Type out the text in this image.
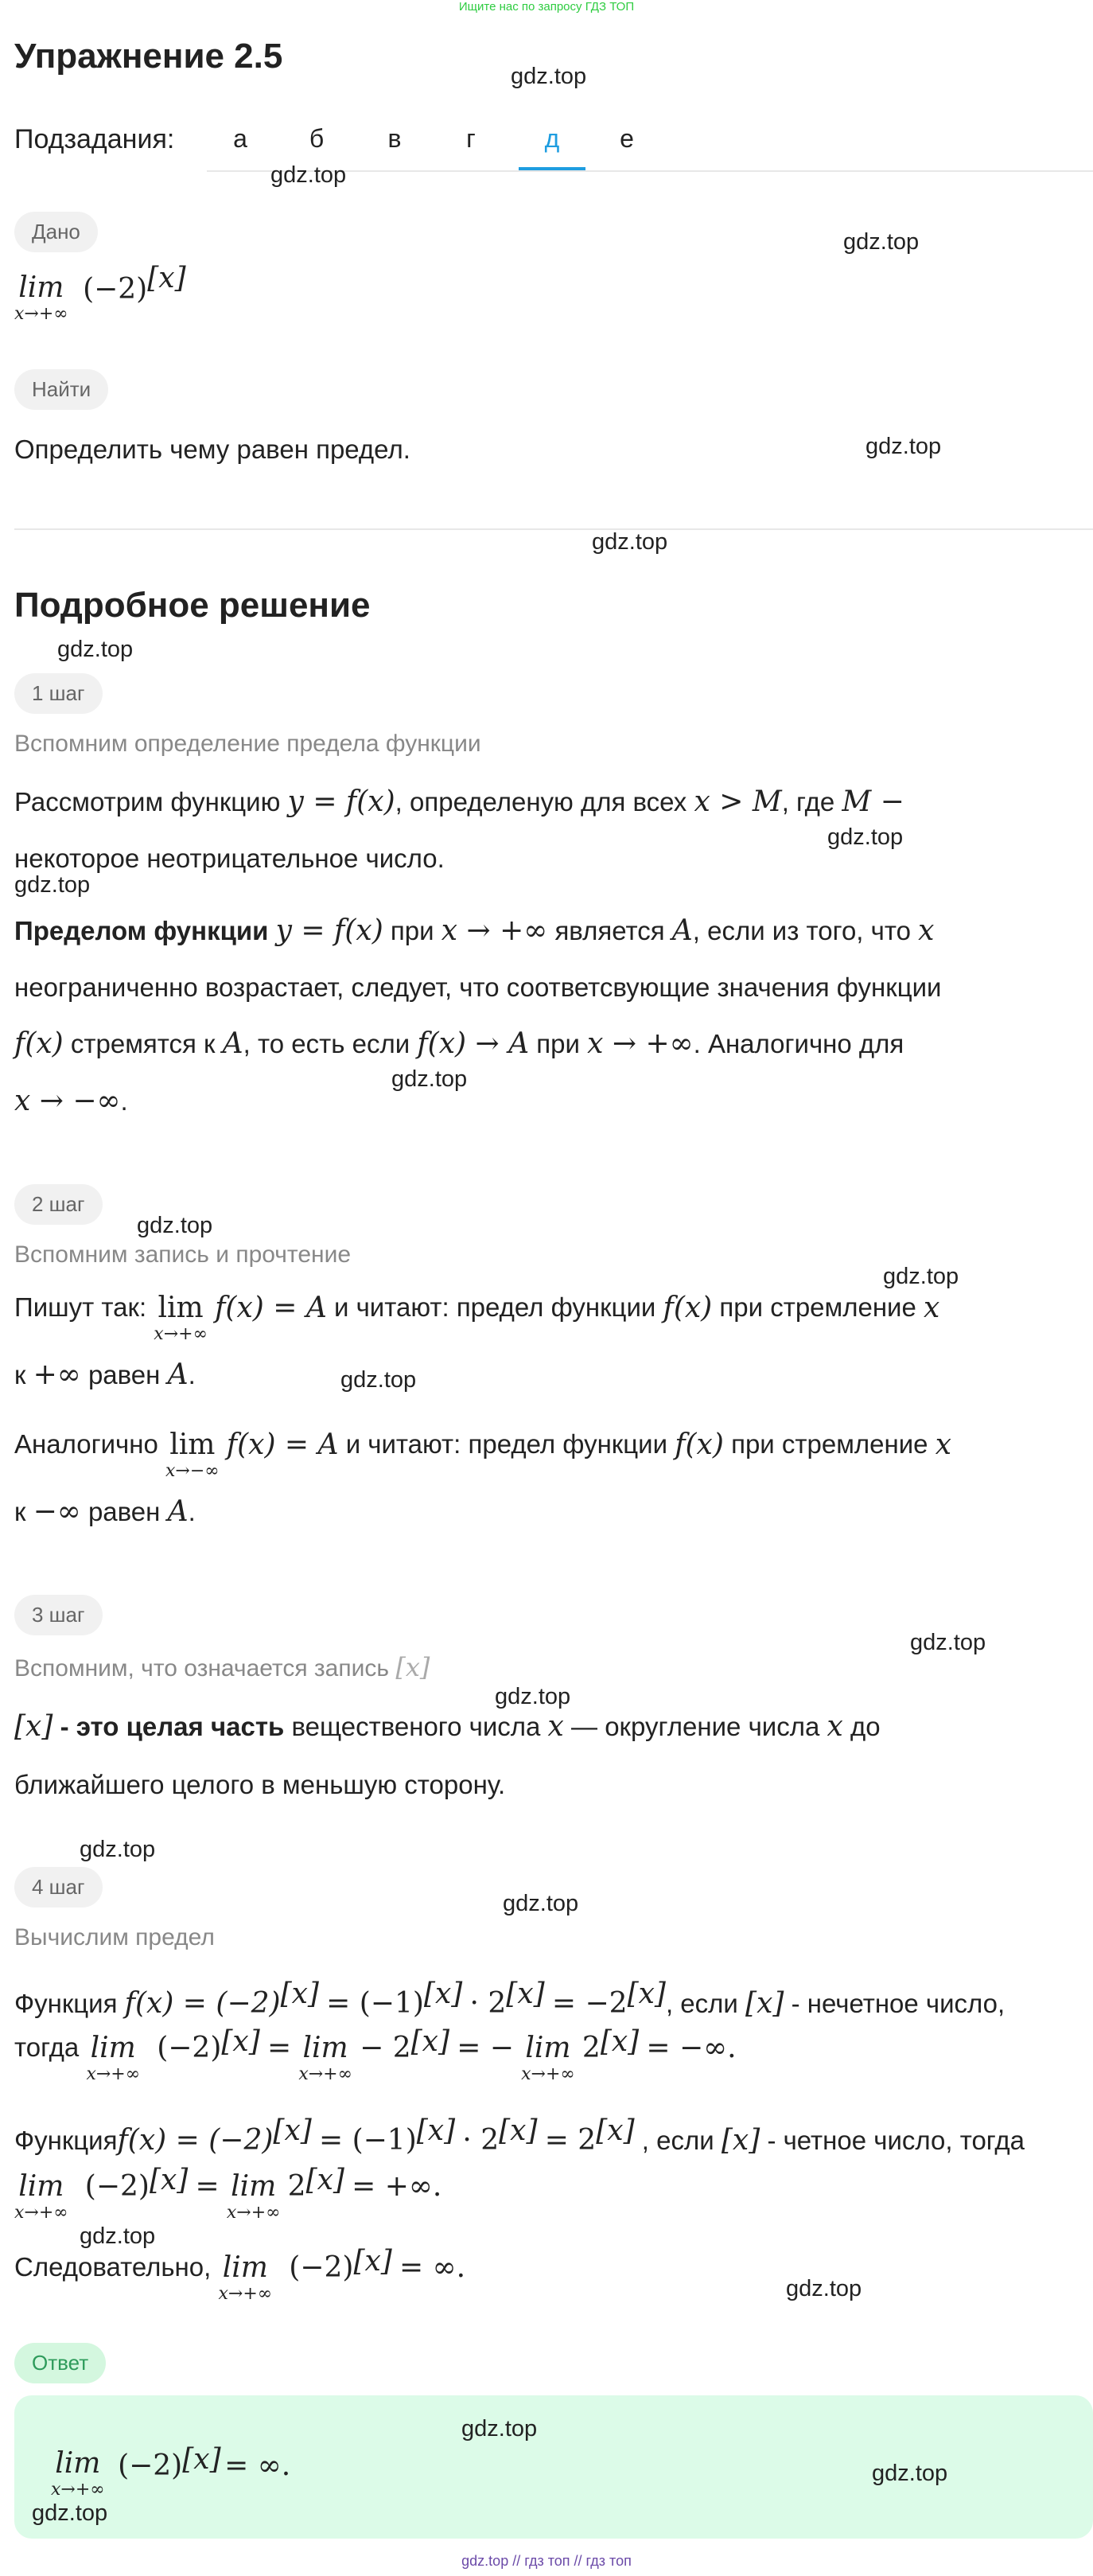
Ищите нас по запросу ГДЗ ТОП
Упражнение 2.5
gdz.top
Подзадания:	а	б	в	г	д	е
gdz.top
Дано	gdz.top
lim
x→+∞
(−2)[x]
Найти
Определить чему равен предел.	gdz.top
gdz.top
Подробное решение
gdz.top
1 шаг
Вспомним определение предела функции
Рассмотрим функцию y = f(x), определеную для всех x > M, где M −
некоторое неотрицательное число.
gdz.top
gdz.top
Пределом функции y = f(x) при x → +∞ является A, если из того, что x
неограниченно возрастает, следует, что соответсвующие значения функции
f(x) стремятся к A, то есть если f(x) → A при x → +∞. Аналогично для
gdz.top
x → −∞.
2 шаг
gdz.top
Вспомним запись и прочтение
gdz.top
Пишут так: lim
x→+∞
f(x) = A и читают: предел функции f(x) при стремление x
к +∞ равен A.	gdz.top
Аналогично lim
x→−∞
f(x) = A и читают: предел функции f(x) при стремление x
к −∞ равен A.
3 шаг
gdz.top
Вспомним, что означается запись [x]
gdz.top
[x] - это целая часть вещественого числа x — округление числа x до
ближайшего целого в меньшую сторону.
gdz.top
4 шаг
gdz.top
Вычислим предел
Функция f(x) = (−2)[x] = (−1)[x] · 2[x] = −2[x], если [x] - нечетное число,
тогда lim
x→+∞
(−2)[x] = lim
x→+∞
− 2[x] = − lim
x→+∞
2[x] = −∞.
Функцияf(x) = (−2)[x] = (−1)[x] · 2[x] = 2[x] , если [x] - четное число, тогда
lim
x→+∞
(−2)[x] = lim
x→+∞
2[x] = +∞.
gdz.top
Следовательно, lim
x→+∞
(−2)[x] = ∞.
gdz.top
Ответ
gdz.top
lim
x→+∞
(−2)[x] = ∞.	gdz.top
gdz.top
gdz.top // гдз топ // гдз топ
